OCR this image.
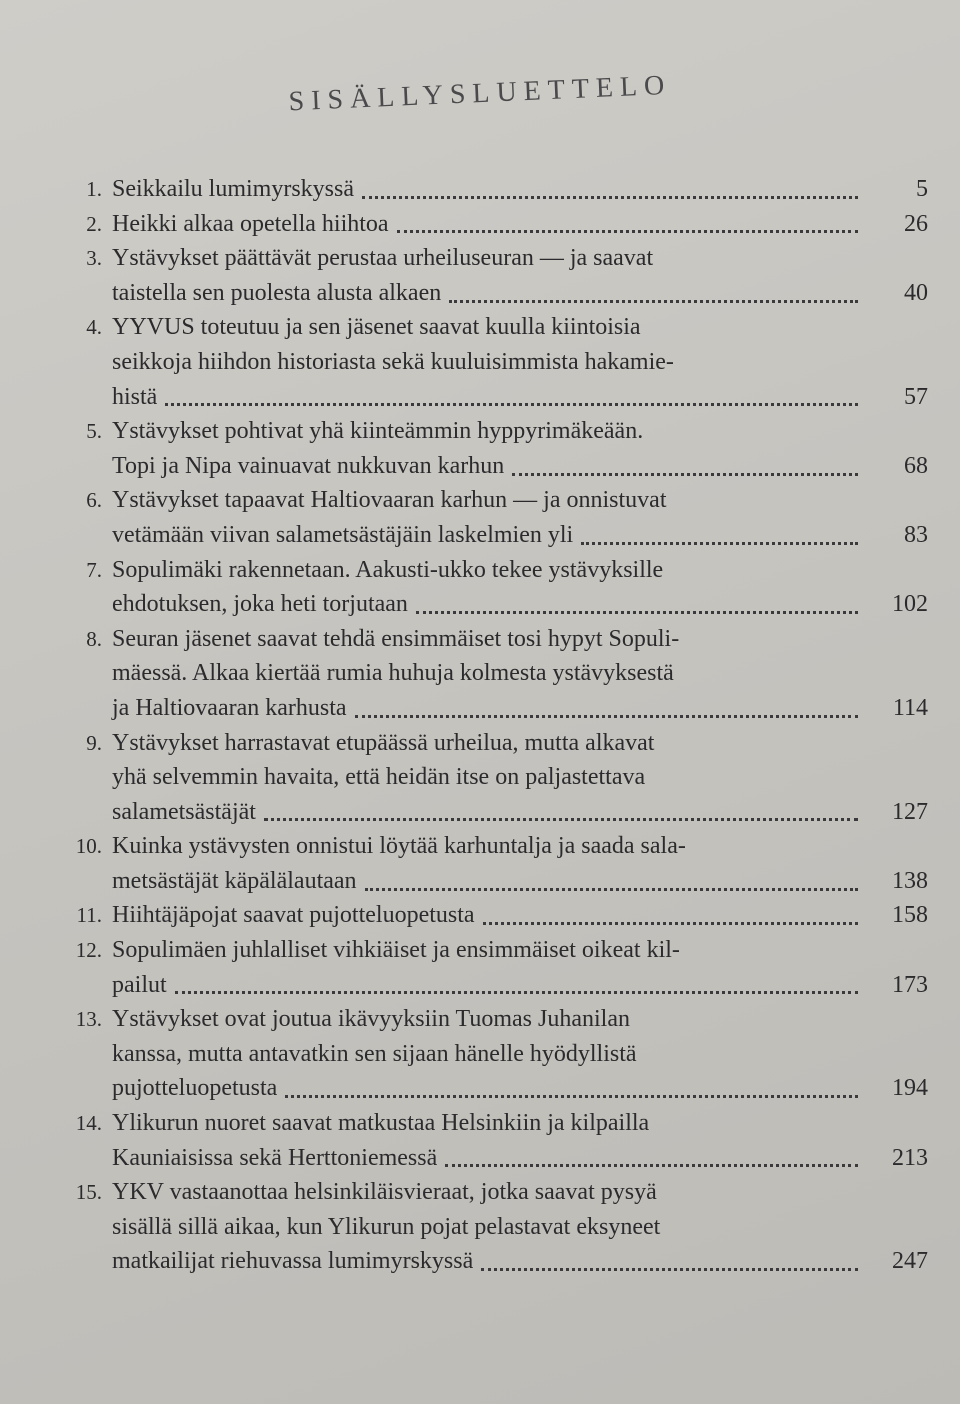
SISÄLLYSLUETTELO
1. Seikkailu lumimyrskyssä	5
2. Heikki alkaa opetella hiihtoa	26
3. Ystävykset päättävät perustaa urheiluseuran — ja saavat
taistella sen puolesta alusta alkaen	40
4. YYVUS toteutuu ja sen jäsenet saavat kuulla kiintoisia
seikkoja hiihdon historiasta sekä kuuluisimmista hakamie-
histä	57
5. Ystävykset pohtivat yhä kiinteämmin hyppyrimäkeään.
Topi ja Nipa vainuavat nukkuvan karhun	68
6. Ystävykset tapaavat Haltiovaaran karhun — ja onnistuvat
vetämään viivan salametsästäjäin laskelmien yli	83
7. Sopulimäki rakennetaan. Aakusti-ukko tekee ystävyksille
ehdotuksen, joka heti torjutaan	102
8. Seuran jäsenet saavat tehdä ensimmäiset tosi hypyt Sopuli-
mäessä. Alkaa kiertää rumia huhuja kolmesta ystävyksestä
ja Haltiovaaran karhusta	114
9. Ystävykset harrastavat etupäässä urheilua, mutta alkavat
yhä selvemmin havaita, että heidän itse on paljastettava
salametsästäjät	127
10. Kuinka ystävysten onnistui löytää karhuntalja ja saada sala-
metsästäjät käpälälautaan	138
11. Hiihtäjäpojat saavat pujotteluopetusta	158
12. Sopulimäen juhlalliset vihkiäiset ja ensimmäiset oikeat kil-
pailut	173
13. Ystävykset ovat joutua ikävyyksiin Tuomas Juhanilan
kanssa, mutta antavatkin sen sijaan hänelle hyödyllistä
pujotteluopetusta	194
14. Ylikurun nuoret saavat matkustaa Helsinkiin ja kilpailla
Kauniaisissa sekä Herttoniemessä	213
15. YKV vastaanottaa helsinkiläisvieraat, jotka saavat pysyä
sisällä sillä aikaa, kun Ylikurun pojat pelastavat eksyneet
matkailijat riehuvassa lumimyrskyssä	247
